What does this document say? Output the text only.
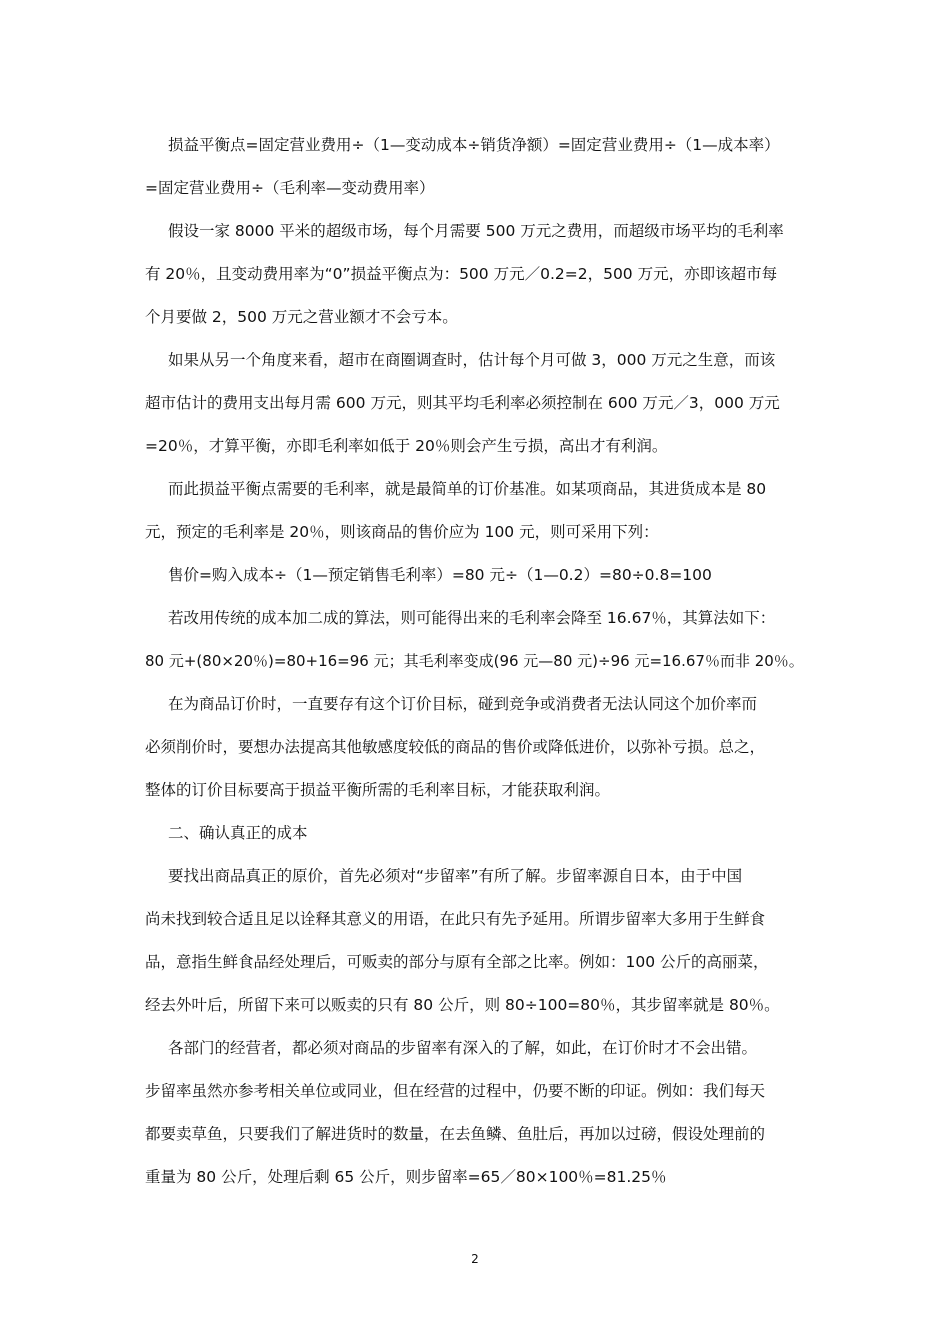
损益平衡点=固定营业费用÷（1—变动成本÷销货净额）=固定营业费用÷（1—成本率）
=固定营业费用÷（毛利率—变动费用率）
假设一家 8000 平米的超级市场，每个月需要 500 万元之费用，而超级市场平均的毛利率
有 20％，且变动费用率为“0”损益平衡点为：500 万元／0.2=2，500 万元，亦即该超市每
个月要做 2，500 万元之营业额才不会亏本。
如果从另一个角度来看，超市在商圈调查时，估计每个月可做 3，000 万元之生意，而该
超市估计的费用支出每月需 600 万元，则其平均毛利率必须控制在 600 万元／3，000 万元
=20％，才算平衡，亦即毛利率如低于 20％则会产生亏损，高出才有利润。
而此损益平衡点需要的毛利率，就是最简单的订价基准。如某项商品，其进货成本是 80
元，预定的毛利率是 20％，则该商品的售价应为 100 元，则可采用下列：
售价=购入成本÷（1—预定销售毛利率）=80 元÷（1—0.2）=80÷0.8=100
若改用传统的成本加二成的算法，则可能得出来的毛利率会降至 16.67％，其算法如下：
80 元+(80×20％)=80+16=96 元；其毛利率变成(96 元—80 元)÷96 元=16.67％而非 20％。
在为商品订价时，一直要存有这个订价目标，碰到竞争或消费者无法认同这个加价率而
必须削价时，要想办法提高其他敏感度较低的商品的售价或降低进价，以弥补亏损。总之，
整体的订价目标要高于损益平衡所需的毛利率目标，才能获取利润。
二、确认真正的成本
要找出商品真正的原价，首先必须对“步留率”有所了解。步留率源自日本，由于中国
尚未找到较合适且足以诠释其意义的用语，在此只有先予延用。所谓步留率大多用于生鲜食
品，意指生鲜食品经处理后，可贩卖的部分与原有全部之比率。例如：100 公斤的高丽菜，
经去外叶后，所留下来可以贩卖的只有 80 公斤，则 80÷100=80％，其步留率就是 80％。
各部门的经营者，都必须对商品的步留率有深入的了解，如此，在订价时才不会出错。
步留率虽然亦参考相关单位或同业，但在经营的过程中，仍要不断的印证。例如：我们每天
都要卖草鱼，只要我们了解进货时的数量，在去鱼鳞、鱼肚后，再加以过磅，假设处理前的
重量为 80 公斤，处理后剩 65 公斤，则步留率=65／80×100％=81.25％
2
